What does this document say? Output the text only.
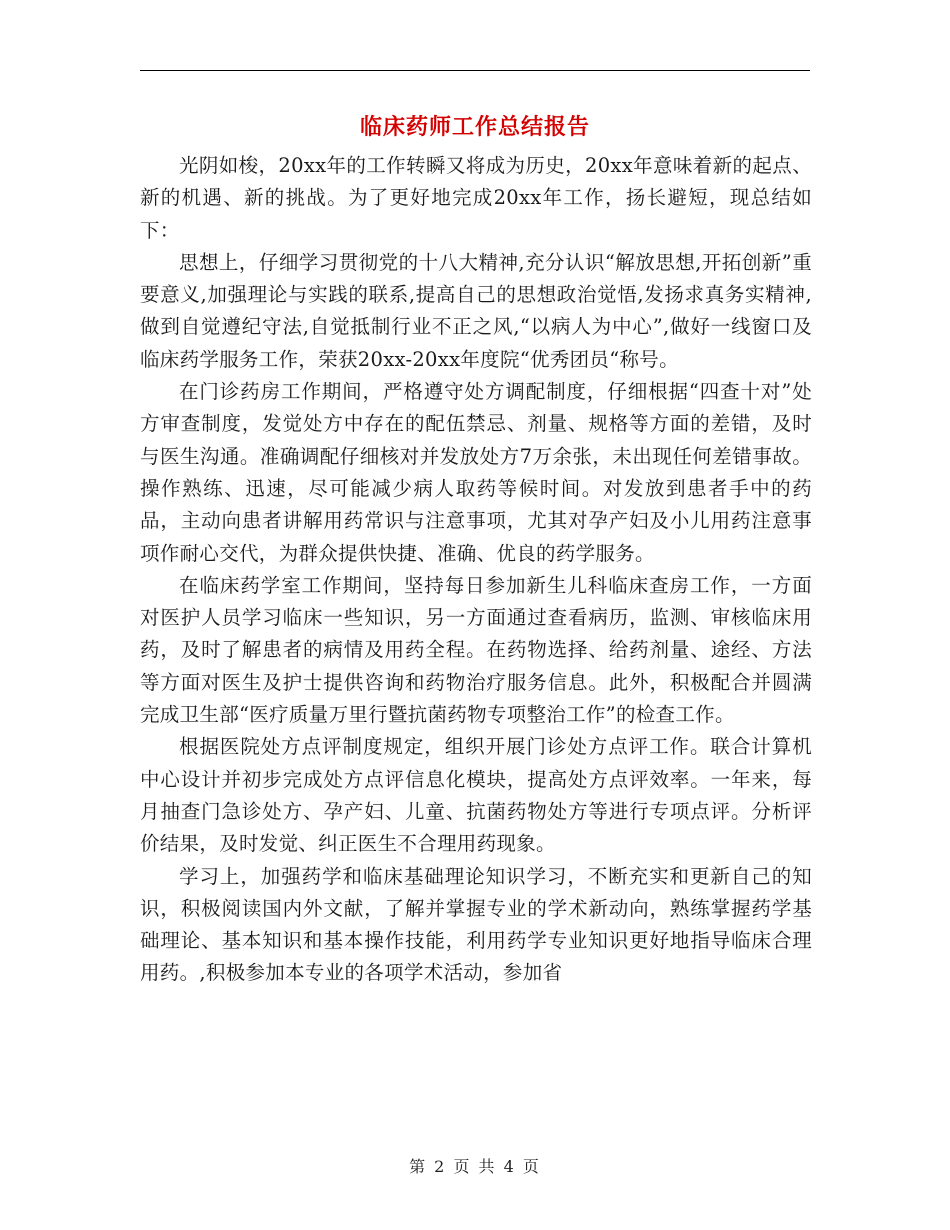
临床药师工作总结报告

光阴如梭，20xx年的工作转瞬又将成为历史，20xx年意味着新的起点、新的机遇、新的挑战。为了更好地完成20xx年工作，扬长避短，现总结如下：

思想上，仔细学习贯彻党的十八大精神,充分认识“解放思想,开拓创新”重要意义,加强理论与实践的联系,提高自己的思想政治觉悟,发扬求真务实精神,做到自觉遵纪守法,自觉抵制行业不正之风,“以病人为中心”,做好一线窗口及临床药学服务工作，荣获20xx-20xx年度院“优秀团员“称号。

在门诊药房工作期间，严格遵守处方调配制度，仔细根据“四查十对”处方审查制度，发觉处方中存在的配伍禁忌、剂量、规格等方面的差错，及时与医生沟通。准确调配仔细核对并发放处方7万余张，未出现任何差错事故。操作熟练、迅速，尽可能减少病人取药等候时间。对发放到患者手中的药品，主动向患者讲解用药常识与注意事项，尤其对孕产妇及小儿用药注意事项作耐心交代，为群众提供快捷、准确、优良的药学服务。

在临床药学室工作期间，坚持每日参加新生儿科临床查房工作，一方面对医护人员学习临床一些知识，另一方面通过查看病历，监测、审核临床用药，及时了解患者的病情及用药全程。在药物选择、给药剂量、途经、方法等方面对医生及护士提供咨询和药物治疗服务信息。此外，积极配合并圆满完成卫生部“医疗质量万里行暨抗菌药物专项整治工作”的检查工作。

根据医院处方点评制度规定，组织开展门诊处方点评工作。联合计算机中心设计并初步完成处方点评信息化模块，提高处方点评效率。一年来，每月抽查门急诊处方、孕产妇、儿童、抗菌药物处方等进行专项点评。分析评价结果，及时发觉、纠正医生不合理用药现象。

学习上，加强药学和临床基础理论知识学习，不断充实和更新自己的知识，积极阅读国内外文献，了解并掌握专业的学术新动向，熟练掌握药学基础理论、基本知识和基本操作技能，利用药学专业知识更好地指导临床合理用药。,积极参加本专业的各项学术活动，参加省

第 2 页 共 4 页
